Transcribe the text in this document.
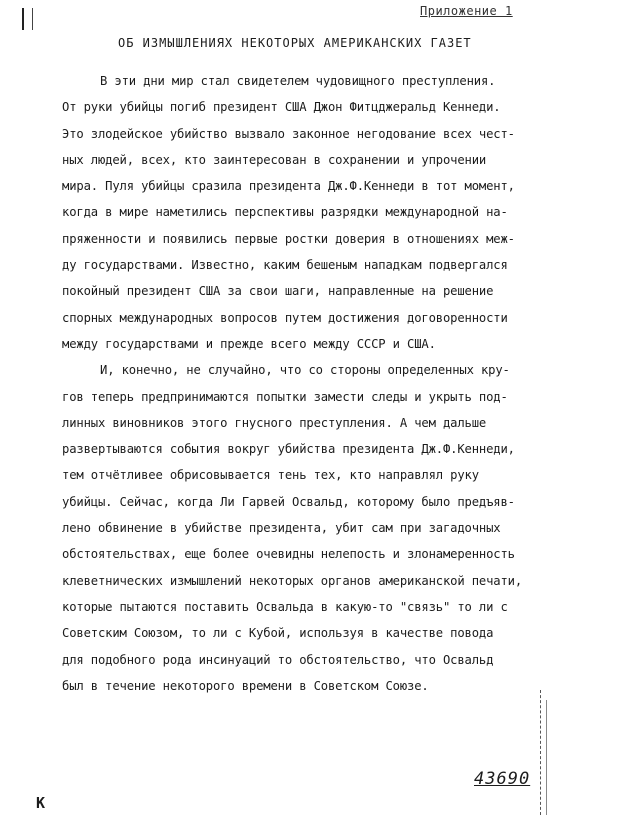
Приложение 1
ОБ ИЗМЫШЛЕНИЯХ НЕКОТОРЫХ АМЕРИКАНСКИХ ГАЗЕТ
В эти дни мир стал свидетелем чудовищного преступления.
От руки убийцы погиб президент США Джон Фитцджеральд Кеннеди.
Это злодейское убийство вызвало законное негодование всех чест-
ных людей, всех, кто заинтересован в сохранении и упрочении
мира. Пуля убийцы сразила президента Дж.Ф.Кеннеди в тот момент,
когда в мире наметились перспективы разрядки международной на-
пряженности и появились первые ростки доверия в отношениях меж-
ду государствами. Известно, каким бешеным нападкам подвергался
покойный президент США за свои шаги, направленные на решение
спорных международных вопросов путем достижения договоренности
между государствами и прежде всего между СССР и США.
И, конечно, не случайно, что со стороны определенных кру-
гов теперь предпринимаются попытки замести следы и укрыть под-
линных виновников этого гнусного преступления. А чем дальше
развертываются события вокруг убийства президента Дж.Ф.Кеннеди,
тем отчётливее обрисовывается тень тех, кто направлял руку
убийцы. Сейчас, когда Ли Гарвей Освальд, которому было предъяв-
лено обвинение в убийстве президента, убит сам при загадочных
обстоятельствах, еще более очевидны нелепость и злонамеренность
клеветнических измышлений некоторых органов американской печати,
которые пытаются поставить Освальда в какую-то "связь" то ли с
Советским Союзом, то ли с Кубой, используя в качестве повода
для подобного рода инсинуаций то обстоятельство, что Освальд
был в течение некоторого времени в Советском Союзе.
43690
К
